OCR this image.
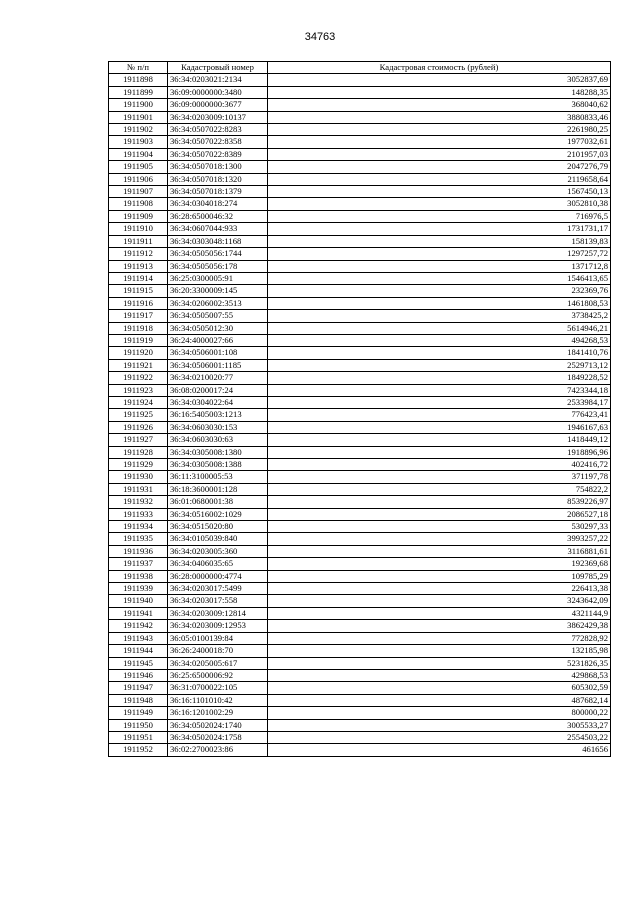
34763
№ п/п	Кадастровый номер	Кадастровая стоимость (рублей)
1911898	36:34:0203021:2134	3052837,69
1911899	36:09:0000000:3480	148288,35
1911900	36:09:0000000:3677	368040,62
1911901	36:34:0203009:10137	3880833,46
1911902	36:34:0507022:8283	2261980,25
1911903	36:34:0507022:8358	1977032,61
1911904	36:34:0507022:8389	2101957,03
1911905	36:34:0507018:1300	2047276,79
1911906	36:34:0507018:1320	2119658,64
1911907	36:34:0507018:1379	1567450,13
1911908	36:34:0304018:274	3052810,38
1911909	36:28:6500046:32	716976,5
1911910	36:34:0607044:933	1731731,17
1911911	36:34:0303048:1168	158139,83
1911912	36:34:0505056:1744	1297257,72
1911913	36:34:0505056:178	1371712,8
1911914	36:25:0300005:91	1546413,65
1911915	36:20:3300009:145	232369,76
1911916	36:34:0206002:3513	1461808,53
1911917	36:34:0505007:55	3738425,2
1911918	36:34:0505012:30	5614946,21
1911919	36:24:4000027:66	494268,53
1911920	36:34:0506001:108	1841410,76
1911921	36:34:0506001:1185	2529713,12
1911922	36:34:0210020:77	1849228,52
1911923	36:08:0200017:24	7423344,18
1911924	36:34:0304022:64	2533984,17
1911925	36:16:5405003:1213	776423,41
1911926	36:34:0603030:153	1946167,63
1911927	36:34:0603030:63	1418449,12
1911928	36:34:0305008:1380	1918896,96
1911929	36:34:0305008:1388	402416,72
1911930	36:11:3100005:53	371197,78
1911931	36:18:3600001:128	754822,2
1911932	36:01:0680001:38	8539226,97
1911933	36:34:0516002:1029	2086527,18
1911934	36:34:0515020:80	530297,33
1911935	36:34:0105039:840	3993257,22
1911936	36:34:0203005:360	3116881,61
1911937	36:34:0406035:65	192369,68
1911938	36:28:0000000:4774	109785,29
1911939	36:34:0203017:5499	226413,38
1911940	36:34:0203017:558	3243642,09
1911941	36:34:0203009:12814	4321144,9
1911942	36:34:0203009:12953	3862429,38
1911943	36:05:0100139:84	772828,92
1911944	36:26:2400018:70	132185,98
1911945	36:34:0205005:617	5231826,35
1911946	36:25:6500006:92	429868,53
1911947	36:31:0700022:105	605302,59
1911948	36:16:1101010:42	487682,14
1911949	36:16:1201002:29	800000,22
1911950	36:34:0502024:1740	3005533,27
1911951	36:34:0502024:1758	2554503,22
1911952	36:02:2700023:86	461656
